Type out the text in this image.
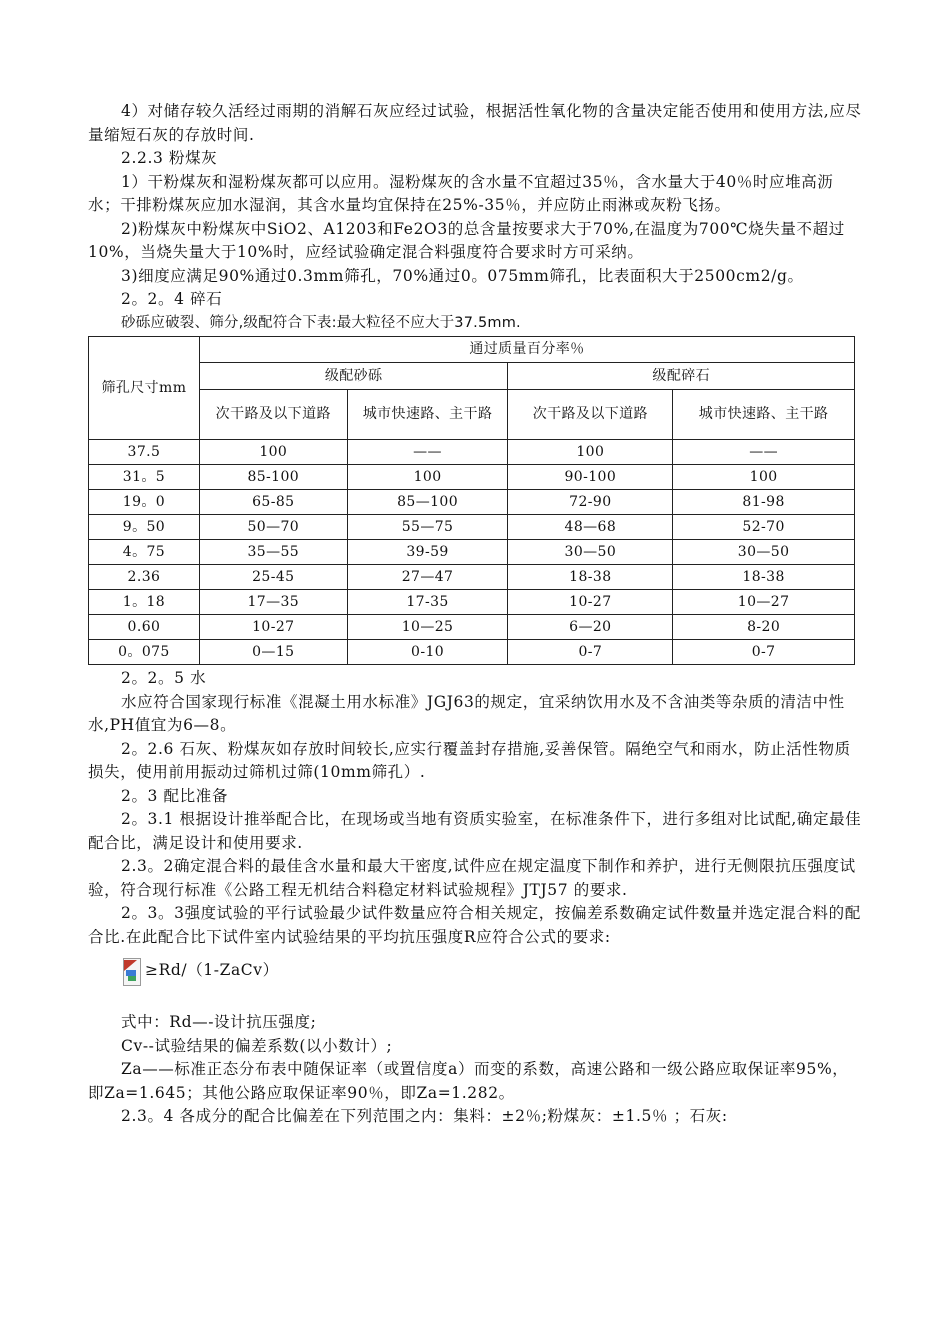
4）对储存较久活经过雨期的消解石灰应经过试验，根据活性氧化物的含量决定能否使用和使用方法,应尽量缩短石灰的存放时间.

2.2.3 粉煤灰

1）干粉煤灰和湿粉煤灰都可以应用。湿粉煤灰的含水量不宜超过35％，含水量大于40％时应堆高沥水；干排粉煤灰应加水湿润，其含水量均宜保持在25%-35％，并应防止雨淋或灰粉飞扬。

2)粉煤灰中粉煤灰中SiO2、A1203和Fe2O3的总含量按要求大于70%,在温度为700℃烧失量不超过10%，当烧失量大于10%时，应经试验确定混合料强度符合要求时方可采纳。

3)细度应满足90%通过0.3mm筛孔，70%通过0。075mm筛孔，比表面积大于2500cm2/g。

2。2。4 碎石

砂砾应破裂、筛分,级配符合下表:最大粒径不应大于37.5mm.

筛孔尺寸mm	通过质量百分率％			
	级配砂砾		级配碎石	
	次干路及以下道路	城市快速路、主干路	次干路及以下道路	城市快速路、主干路
37.5	100	——	100	——
31。5	85-100	100	90-100	100
19。0	65-85	85—100	72-90	81-98
9。50	50—70	55—75	48—68	52-70
4。75	35—55	39-59	30—50	30—50
2.36	25-45	27—47	18-38	18-38
1。18	17—35	17-35	10-27	10—27
0.60	10-27	10—25	6—20	8-20
0。075	0—15	0-10	0-7	0-7

2。2。5 水

水应符合国家现行标准《混凝土用水标准》JGJ63的规定，宜采纳饮用水及不含油类等杂质的清洁中性水,PH值宜为6—8。

2。2.6 石灰、粉煤灰如存放时间较长,应实行覆盖封存措施,妥善保管。隔绝空气和雨水，防止活性物质损失，使用前用振动过筛机过筛(10mm筛孔）.

2。3 配比准备

2。3.1 根据设计推举配合比，在现场或当地有资质实验室，在标准条件下，进行多组对比试配,确定最佳配合比，满足设计和使用要求.

2.3。2确定混合料的最佳含水量和最大干密度,试件应在规定温度下制作和养护，进行无侧限抗压强度试验，符合现行标准《公路工程无机结合料稳定材料试验规程》JTJ57 的要求.

2。3。3强度试验的平行试验最少试件数量应符合相关规定，按偏差系数确定试件数量并选定混合料的配合比.在此配合比下试件室内试验结果的平均抗压强度R应符合公式的要求:

≥Rd/（1-ZaCv）

式中：Rd—-设计抗压强度;

Cv--试验结果的偏差系数(以小数计）;

Za——标准正态分布表中随保证率（或置信度a）而变的系数，高速公路和一级公路应取保证率95%，即Za=1.645；其他公路应取保证率90％，即Za=1.282。

2.3。4 各成分的配合比偏差在下列范围之内：集料：±2％;粉煤灰：±1.5％ ；石灰:
